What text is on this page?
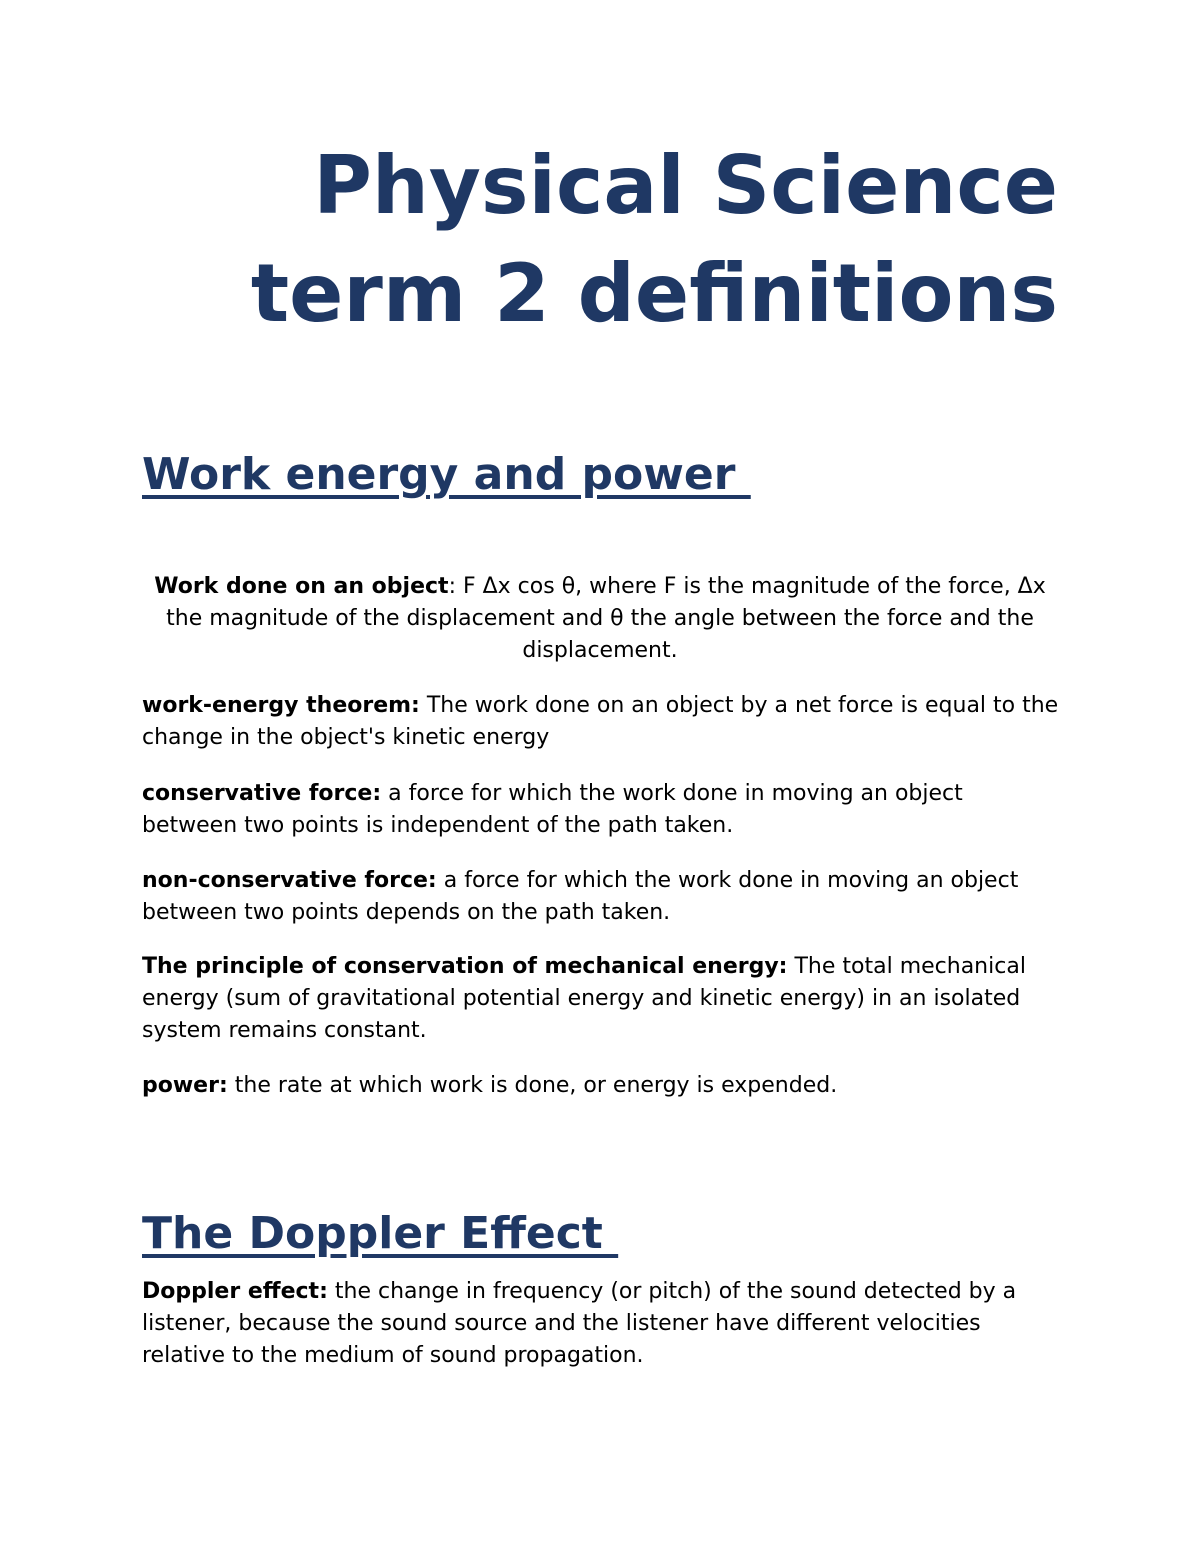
Physical Science
term 2 definitions
Work energy and power
Work done on an object: F Δx cos θ, where F is the magnitude of the force, Δx the magnitude of the displacement and θ the angle between the force and the displacement.
work-energy theorem: The work done on an object by a net force is equal to the change in the object's kinetic energy
conservative force: a force for which the work done in moving an object between two points is independent of the path taken.
non-conservative force: a force for which the work done in moving an object between two points depends on the path taken.
The principle of conservation of mechanical energy: The total mechanical energy (sum of gravitational potential energy and kinetic energy) in an isolated system remains constant.
power: the rate at which work is done, or energy is expended.
The Doppler Effect
Doppler effect: the change in frequency (or pitch) of the sound detected by a listener, because the sound source and the listener have different velocities relative to the medium of sound propagation.
